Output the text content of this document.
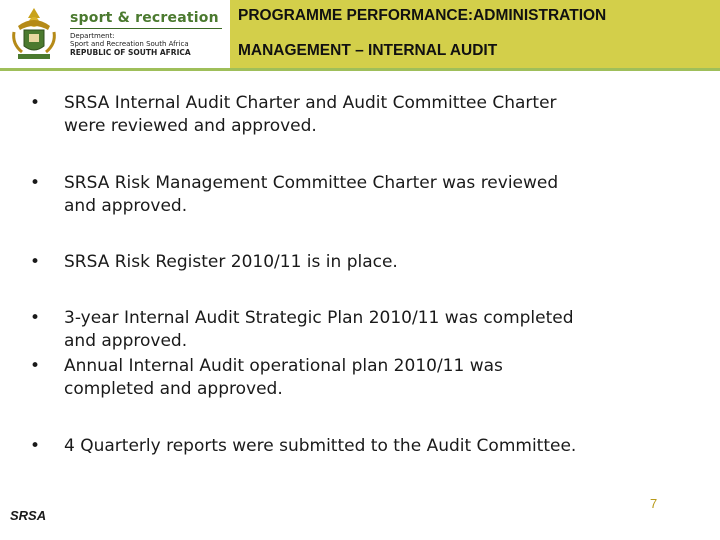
sport & recreation
Department:
Sport and Recreation South Africa
REPUBLIC OF SOUTH AFRICA
PROGRAMME PERFORMANCE:ADMINISTRATION
MANAGEMENT – INTERNAL AUDIT
• SRSA Internal Audit Charter and Audit Committee Charter
were reviewed and approved.
• SRSA Risk Management Committee Charter was reviewed
and approved.
• SRSA Risk Register 2010/11 is in place.
• 3-year Internal Audit Strategic Plan 2010/11 was completed
and approved.
• Annual Internal Audit operational plan 2010/11 was
completed and approved.
• 4 Quarterly reports were submitted to the Audit Committee.
SRSA
7
